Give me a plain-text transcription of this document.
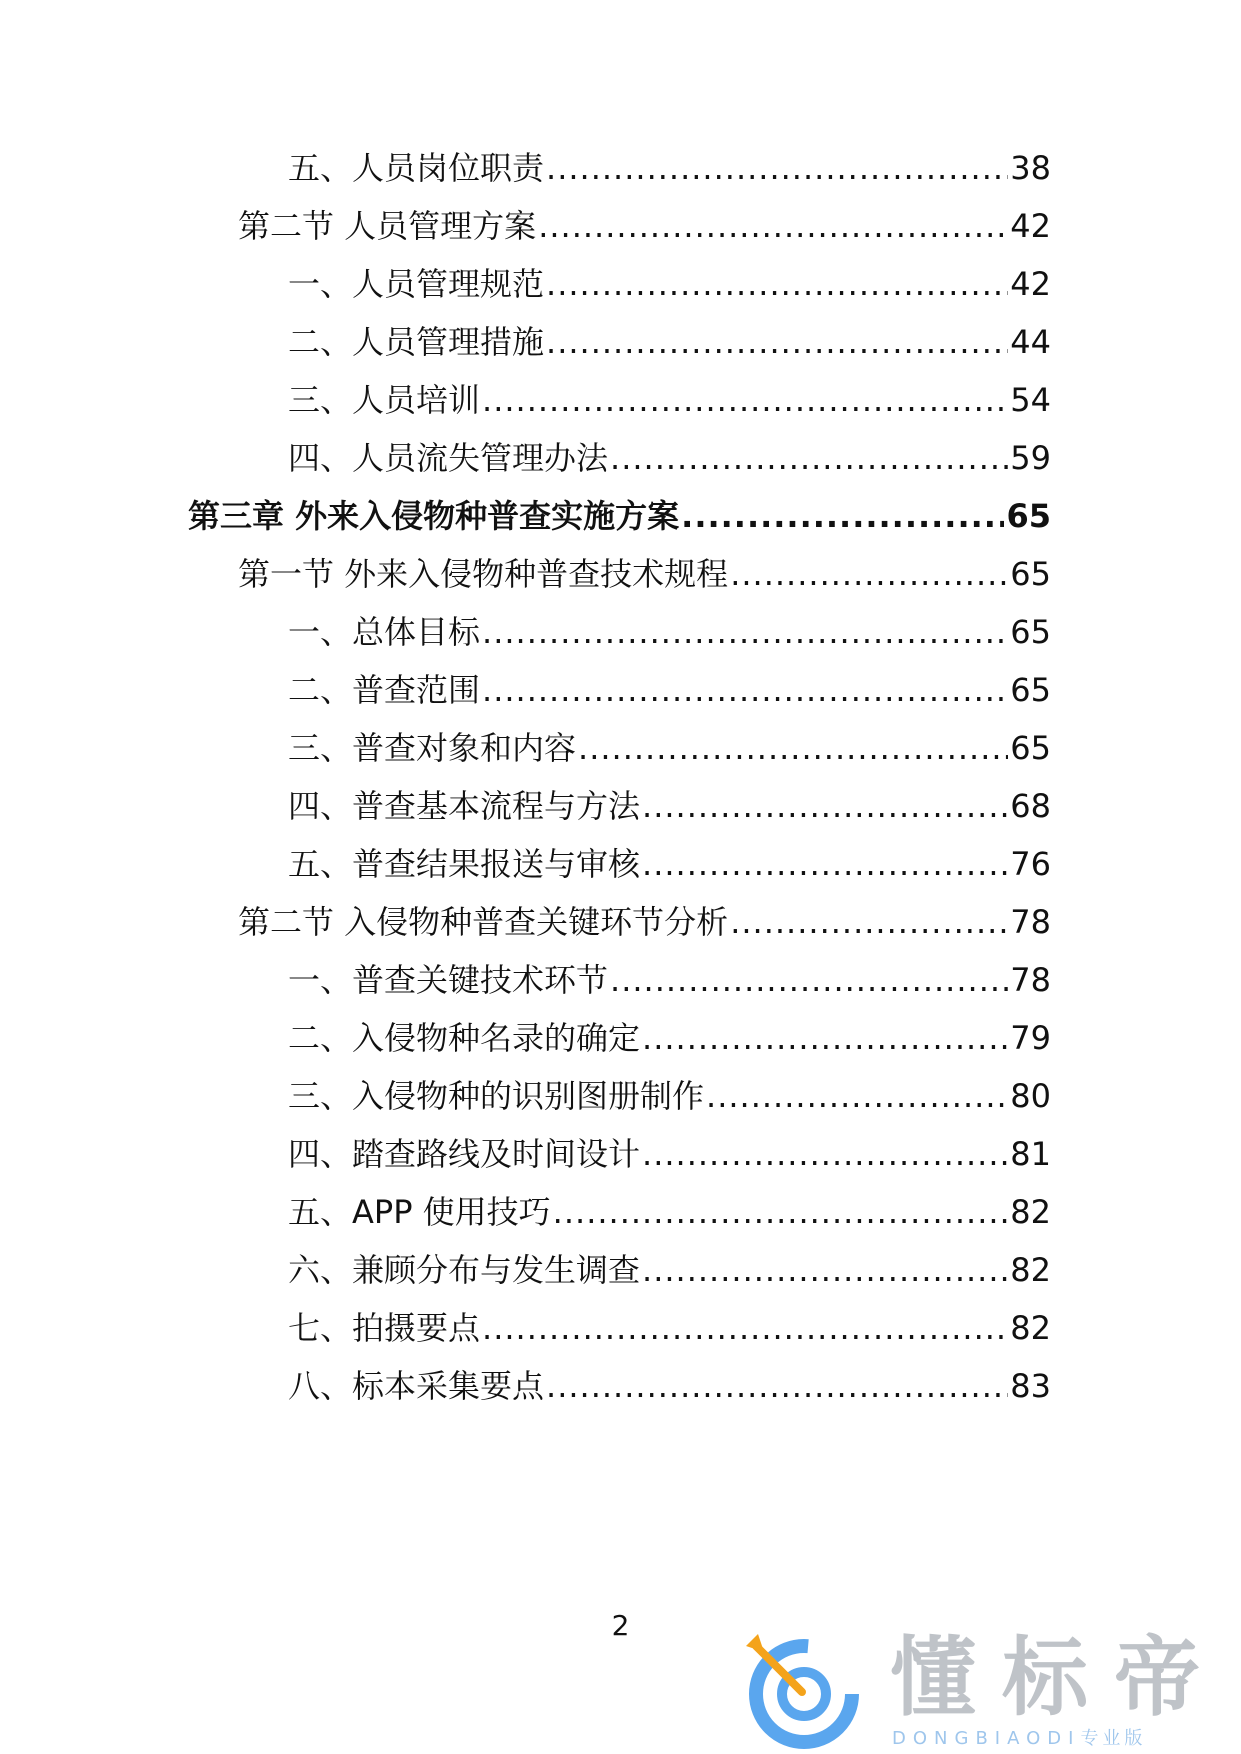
五、人员岗位职责 .....	38
第二节 人员管理方案 .....	42
一、人员管理规范 .....	42
二、人员管理措施 .....	44
三、人员培训 .....	54
四、人员流失管理办法 .....	59
第三章 外来入侵物种普查实施方案 .....	65
第一节 外来入侵物种普查技术规程 .....	65
一、总体目标 .....	65
二、普查范围 .....	65
三、普查对象和内容 .....	65
四、普查基本流程与方法 .....	68
五、普查结果报送与审核 .....	76
第二节 入侵物种普查关键环节分析 .....	78
一、普查关键技术环节 .....	78
二、入侵物种名录的确定 .....	79
三、入侵物种的识别图册制作 .....	80
四、踏查路线及时间设计 .....	81
五、APP 使用技巧 .....	82
六、兼顾分布与发生调查 .....	82
七、拍摄要点 .....	82
八、标本采集要点 .....	83
2
懂标帝
DONGBIAODI专业版
